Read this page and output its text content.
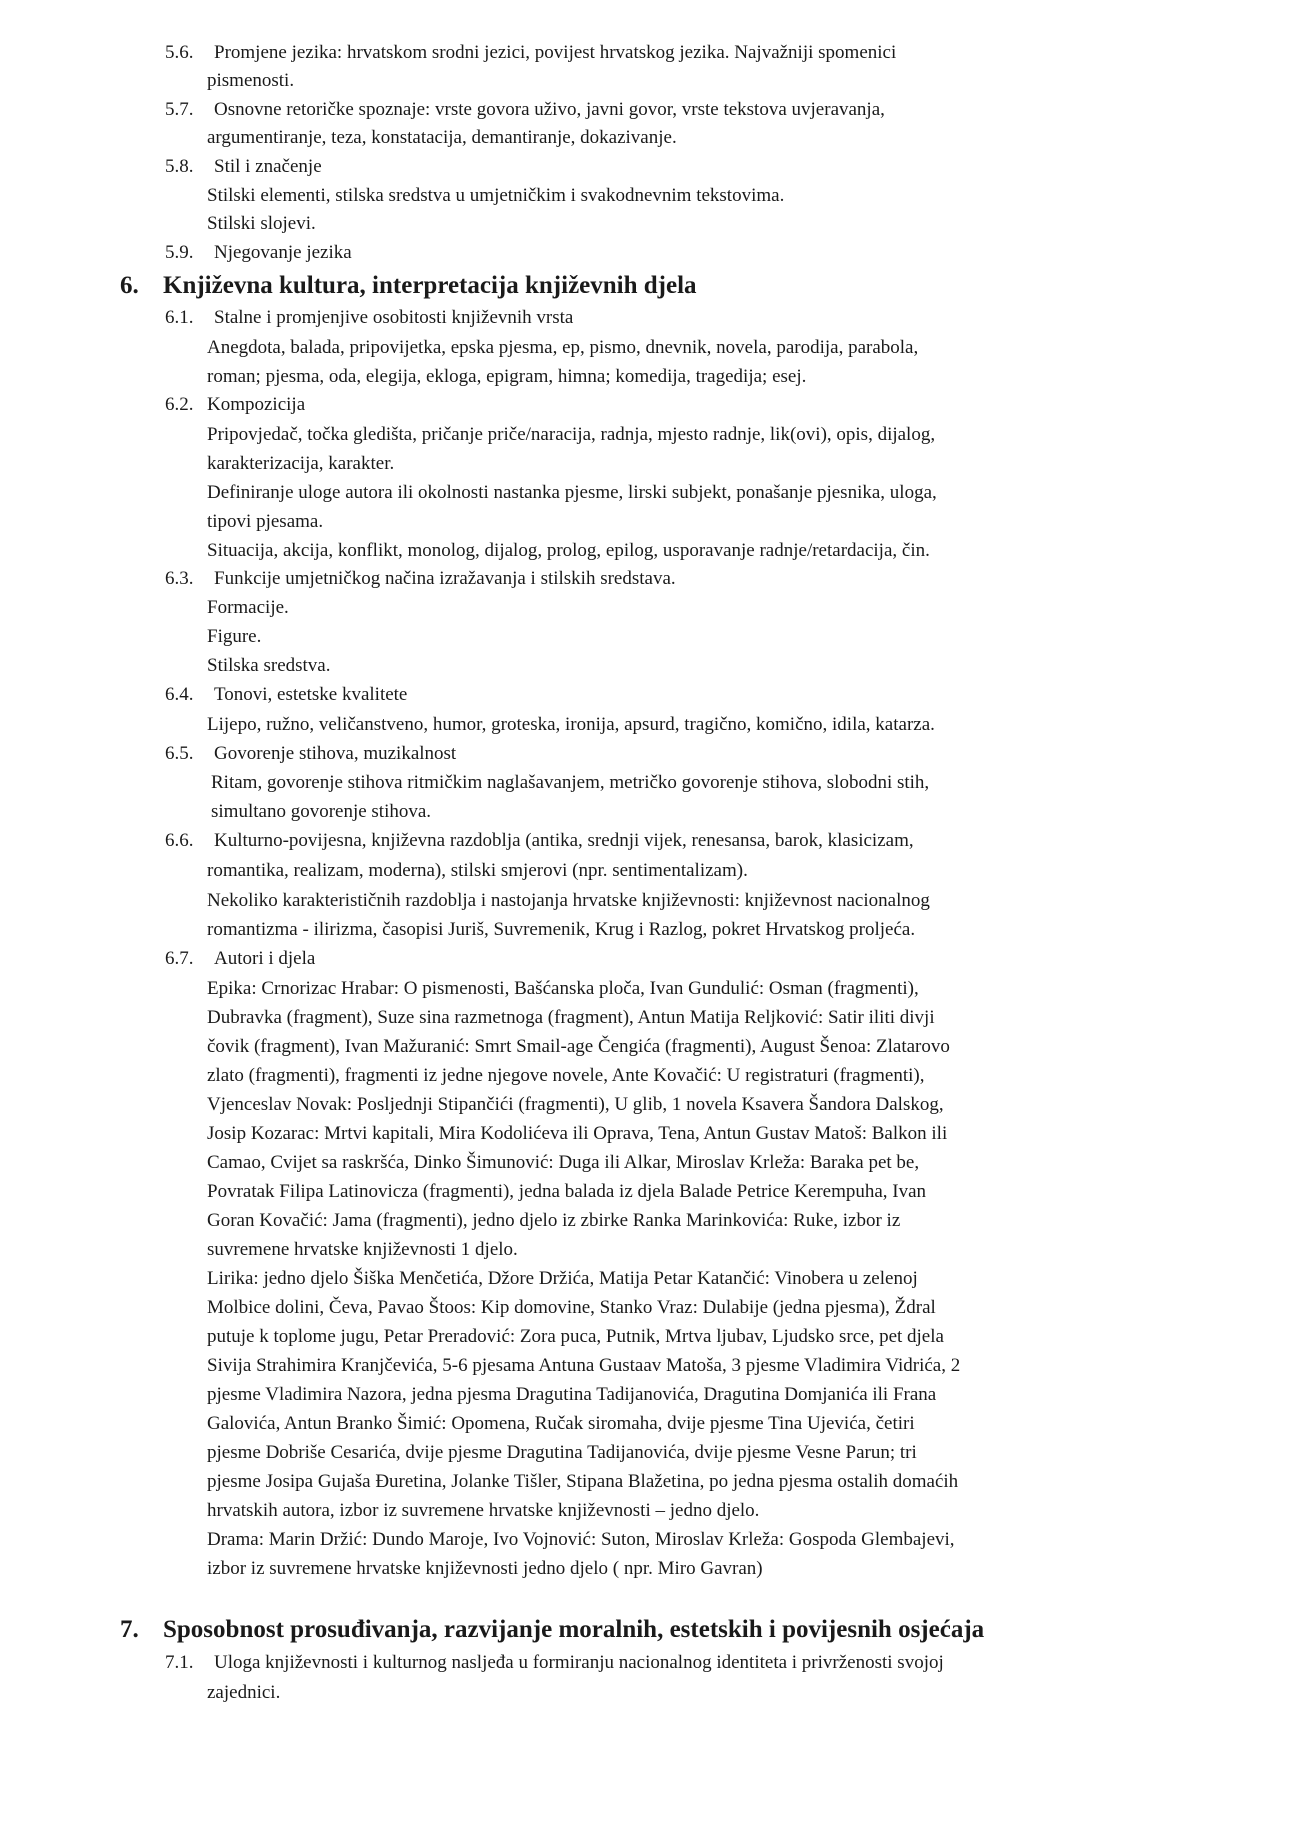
5.6. Promjene jezika: hrvatskom srodni jezici, povijest hrvatskog jezika. Najvažniji spomenici
pismenosti.
5.7. Osnovne retoričke spoznaje: vrste govora uživo, javni govor, vrste tekstova uvjeravanja,
argumentiranje, teza, konstatacija, demantiranje, dokazivanje.
5.8. Stil i značenje
Stilski elementi, stilska sredstva u umjetničkim i svakodnevnim tekstovima.
Stilski slojevi.
5.9. Njegovanje jezika
6. Književna kultura, interpretacija književnih djela
6.1. Stalne i promjenjive osobitosti književnih vrsta
Anegdota, balada, pripovijetka, epska pjesma, ep, pismo, dnevnik, novela, parodija, parabola,
roman; pjesma, oda, elegija, ekloga, epigram, himna; komedija, tragedija; esej.
6.2. Kompozicija
Pripovjedač, točka gledišta, pričanje priče/naracija, radnja, mjesto radnje, lik(ovi), opis, dijalog,
karakterizacija, karakter.
Definiranje uloge autora ili okolnosti nastanka pjesme, lirski subjekt, ponašanje pjesnika, uloga,
tipovi pjesama.
Situacija, akcija, konflikt, monolog, dijalog, prolog, epilog, usporavanje radnje/retardacija, čin.
6.3. Funkcije umjetničkog načina izražavanja i stilskih sredstava.
Formacije.
Figure.
Stilska sredstva.
6.4. Tonovi, estetske kvalitete
Lijepo, ružno, veličanstveno, humor, groteska, ironija, apsurd, tragično, komično, idila, katarza.
6.5. Govorenje stihova, muzikalnost
Ritam, govorenje stihova ritmičkim naglašavanjem, metričko govorenje stihova, slobodni stih,
simultano govorenje stihova.
6.6. Kulturno-povijesna, književna razdoblja (antika, srednji vijek, renesansa, barok, klasicizam,
romantika, realizam, moderna), stilski smjerovi (npr. sentimentalizam).
Nekoliko karakterističnih razdoblja i nastojanja hrvatske književnosti: književnost nacionalnog
romantizma - ilirizma, časopisi Juriš, Suvremenik, Krug i Razlog, pokret Hrvatskog proljeća.
6.7. Autori i djela
Epika: Crnorizac Hrabar: O pismenosti, Bašćanska ploča, Ivan Gundulić: Osman (fragmenti),
Dubravka (fragment), Suze sina razmetnoga (fragment), Antun Matija Reljković: Satir iliti divji
čovik (fragment), Ivan Mažuranić: Smrt Smail-age Čengića (fragmenti), August Šenoa: Zlatarovo
zlato (fragmenti), fragmenti iz jedne njegove novele, Ante Kovačić: U registraturi (fragmenti),
Vjenceslav Novak: Posljednji Stipančići (fragmenti), U glib, 1 novela Ksavera Šandora Dalskog,
Josip Kozarac: Mrtvi kapitali, Mira Kodolićeva ili Oprava, Tena, Antun Gustav Matoš: Balkon ili
Camao, Cvijet sa raskršća, Dinko Šimunović: Duga ili Alkar, Miroslav Krleža: Baraka pet be,
Povratak Filipa Latinovicza (fragmenti), jedna balada iz djela Balade Petrice Kerempuha, Ivan
Goran Kovačić: Jama (fragmenti), jedno djelo iz zbirke Ranka Marinkovića: Ruke, izbor iz
suvremene hrvatske književnosti 1 djelo.
Lirika: jedno djelo Šiška Menčetića, Džore Držića, Matija Petar Katančić: Vinobera u zelenoj
Molbice dolini, Čeva, Pavao Štoos: Kip domovine, Stanko Vraz: Dulabije (jedna pjesma), Ždral
putuje k toplome jugu, Petar Preradović: Zora puca, Putnik, Mrtva ljubav, Ljudsko srce, pet djela
Sivija Strahimira Kranjčevića, 5-6 pjesama Antuna Gustaav Matoša, 3 pjesme Vladimira Vidrića, 2
pjesme Vladimira Nazora, jedna pjesma Dragutina Tadijanovića, Dragutina Domjanića ili Frana
Galovića, Antun Branko Šimić: Opomena, Ručak siromaha, dvije pjesme Tina Ujevića, četiri
pjesme Dobriše Cesarića, dvije pjesme Dragutina Tadijanovića, dvije pjesme Vesne Parun; tri
pjesme Josipa Gujaša Đuretina, Jolanke Tišler, Stipana Blažetina, po jedna pjesma ostalih domaćih
hrvatskih autora, izbor iz suvremene hrvatske književnosti – jedno djelo.
Drama: Marin Držić: Dundo Maroje, Ivo Vojnović: Suton, Miroslav Krleža: Gospoda Glembajevi,
izbor iz suvremene hrvatske književnosti jedno djelo ( npr. Miro Gavran)
7. Sposobnost prosuđivanja, razvijanje moralnih, estetskih i povijesnih osjećaja
7.1. Uloga književnosti i kulturnog nasljeđa u formiranju nacionalnog identiteta i privrženosti svojoj
zajednici.
